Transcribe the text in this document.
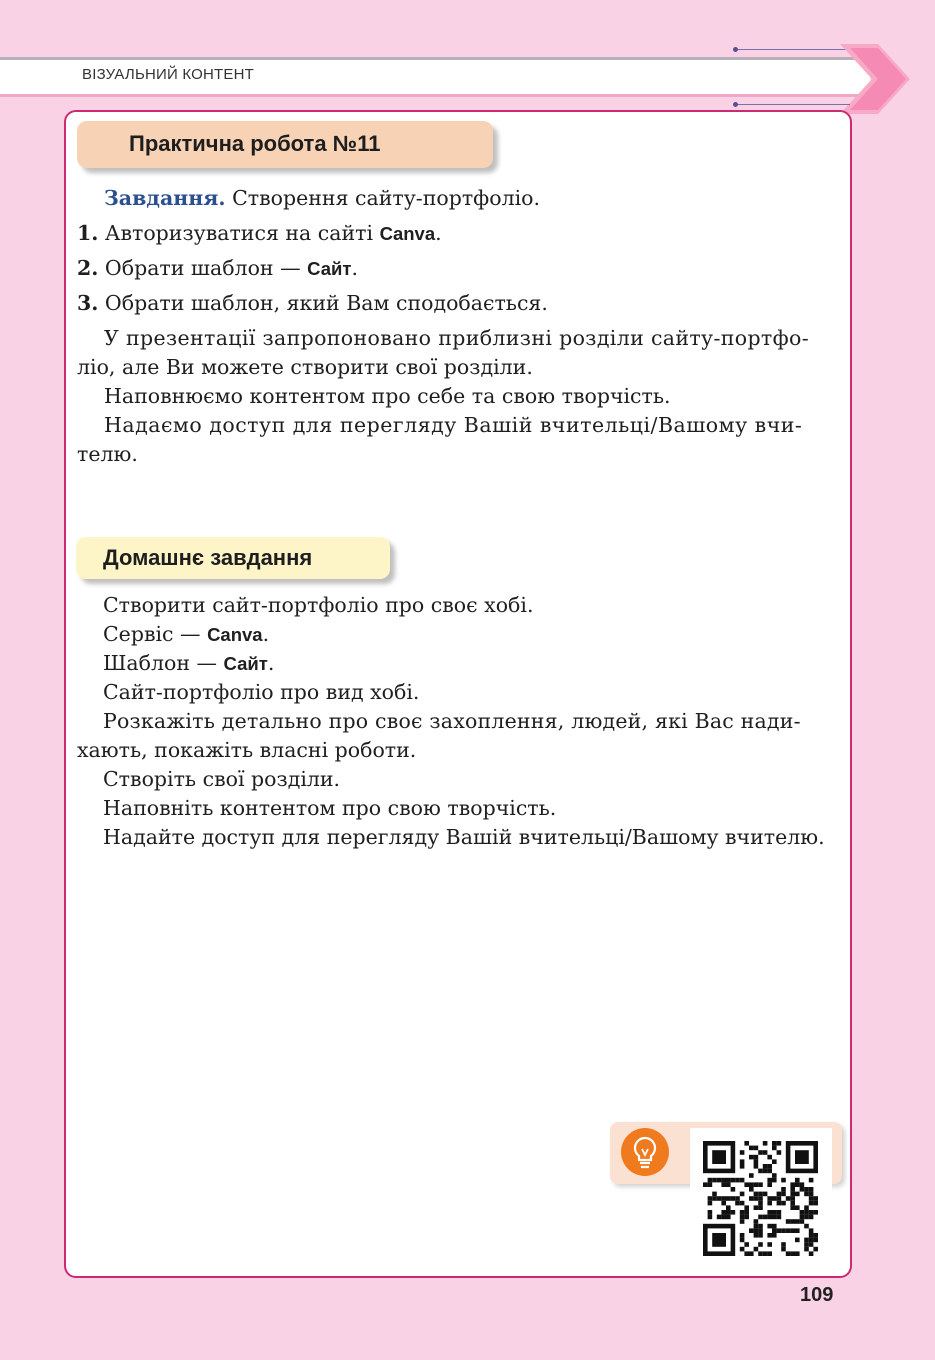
ВІЗУАЛЬНИЙ КОНТЕНТ
Практична робота №11
Завдання. Створення сайту-портфоліо.
1. Авторизуватися на сайті Canva.
2. Обрати шаблон — Сайт.
3. Обрати шаблон, який Вам сподобається.
У презентації запропоновано приблизні розділи сайту-портфо-
ліо, але Ви можете створити свої розділи.
Наповнюємо контентом про себе та свою творчість.
Надаємо доступ для перегляду Вашій вчительці/Вашому вчи-
телю.
Домашнє завдання
Створити сайт-портфоліо про своє хобі.
Сервіс — Canva.
Шаблон — Сайт.
Сайт-портфоліо про вид хобі.
Розкажіть детально про своє захоплення, людей, які Вас нади-
хають, покажіть власні роботи.
Створіть свої розділи.
Наповніть контентом про свою творчість.
Надайте доступ для перегляду Вашій вчительці/Вашому вчителю.
109
